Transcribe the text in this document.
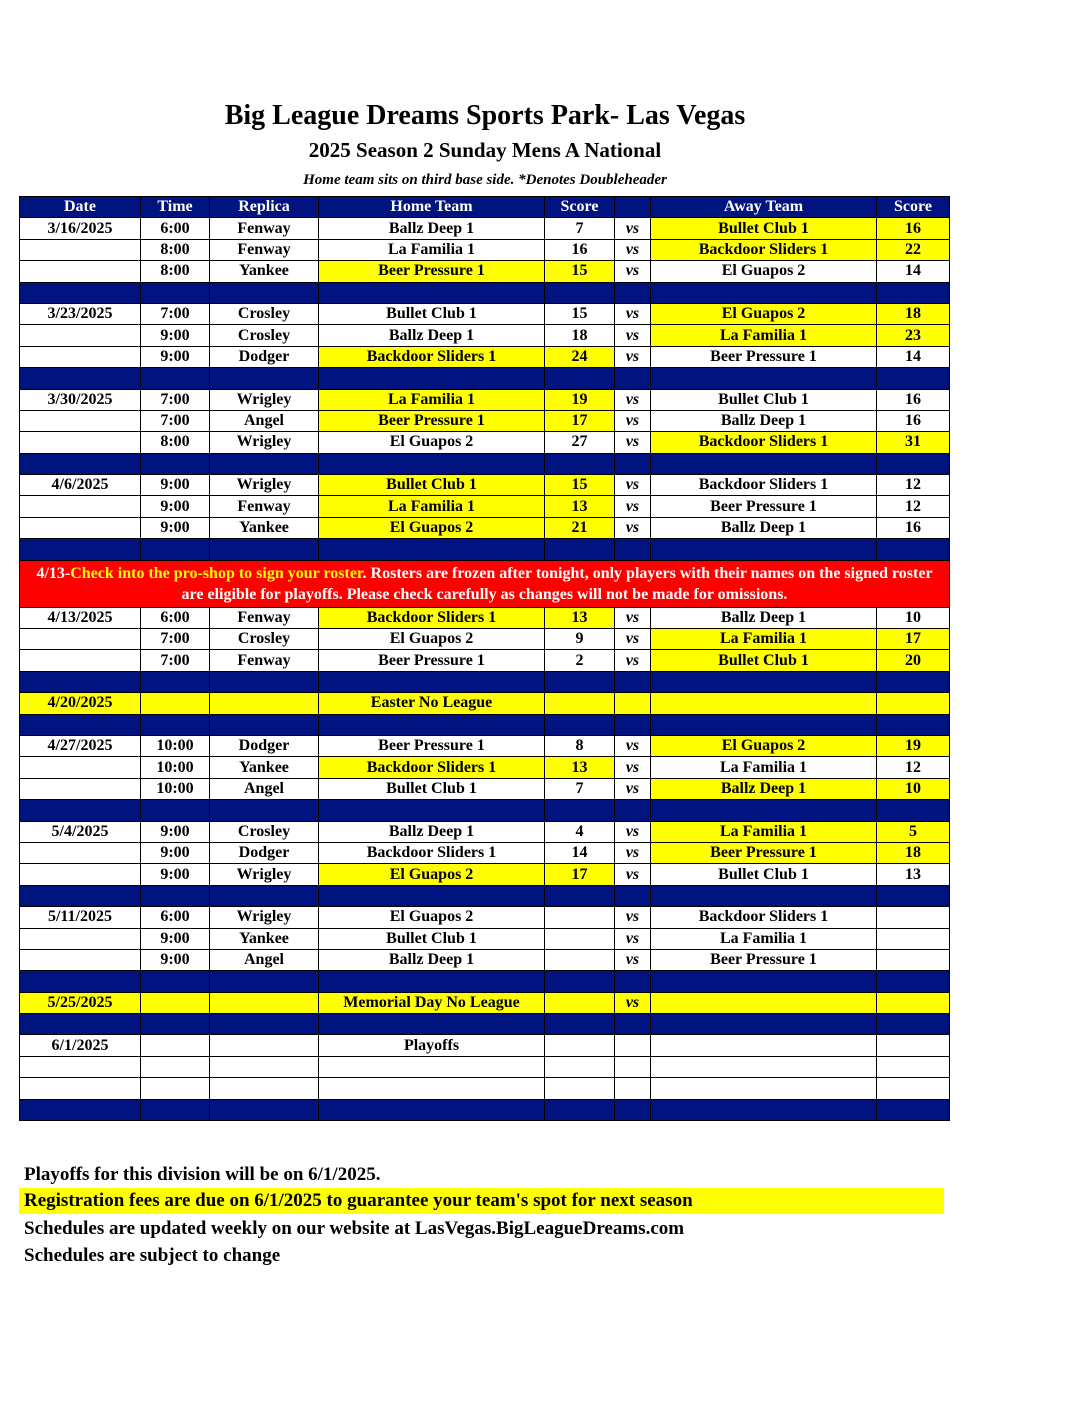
Big League Dreams Sports Park- Las Vegas
2025 Season 2 Sunday Mens A National
Home team sits on third base side. *Denotes Doubleheader
Date	Time	Replica	Home Team	Score		Away Team	Score
3/16/2025	6:00	Fenway	Ballz Deep 1	7	vs	Bullet Club 1	16
	8:00	Fenway	La Familia 1	16	vs	Backdoor Sliders 1	22
	8:00	Yankee	Beer Pressure 1	15	vs	El Guapos 2	14

3/23/2025	7:00	Crosley	Bullet Club 1	15	vs	El Guapos 2	18
	9:00	Crosley	Ballz Deep 1	18	vs	La Familia 1	23
	9:00	Dodger	Backdoor Sliders 1	24	vs	Beer Pressure 1	14

3/30/2025	7:00	Wrigley	La Familia 1	19	vs	Bullet Club 1	16
	7:00	Angel	Beer Pressure 1	17	vs	Ballz Deep 1	16
	8:00	Wrigley	El Guapos 2	27	vs	Backdoor Sliders 1	31

4/6/2025	9:00	Wrigley	Bullet Club 1	15	vs	Backdoor Sliders 1	12
	9:00	Fenway	La Familia 1	13	vs	Beer Pressure 1	12
	9:00	Yankee	El Guapos 2	21	vs	Ballz Deep 1	16

4/13-Check into the pro-shop to sign your roster. Rosters are frozen after tonight, only players with their names on the signed roster are eligible for playoffs. Please check carefully as changes will not be made for omissions.							
4/13/2025	6:00	Fenway	Backdoor Sliders 1	13	vs	Ballz Deep 1	10
	7:00	Crosley	El Guapos 2	9	vs	La Familia 1	17
	7:00	Fenway	Beer Pressure 1	2	vs	Bullet Club 1	20

4/20/2025			Easter No League				

4/27/2025	10:00	Dodger	Beer Pressure 1	8	vs	El Guapos 2	19
	10:00	Yankee	Backdoor Sliders 1	13	vs	La Familia 1	12
	10:00	Angel	Bullet Club 1	7	vs	Ballz Deep 1	10

5/4/2025	9:00	Crosley	Ballz Deep 1	4	vs	La Familia 1	5
	9:00	Dodger	Backdoor Sliders 1	14	vs	Beer Pressure 1	18
	9:00	Wrigley	El Guapos 2	17	vs	Bullet Club 1	13

5/11/2025	6:00	Wrigley	El Guapos 2		vs	Backdoor Sliders 1	
	9:00	Yankee	Bullet Club 1		vs	La Familia 1	
	9:00	Angel	Ballz Deep 1		vs	Beer Pressure 1	

5/25/2025			Memorial Day No League		vs		

6/1/2025			Playoffs				

Playoffs for this division will be on 6/1/2025.
Registration fees are due on 6/1/2025 to guarantee your team's spot for next season
Schedules are updated weekly on our website at LasVegas.BigLeagueDreams.com
Schedules are subject to change
